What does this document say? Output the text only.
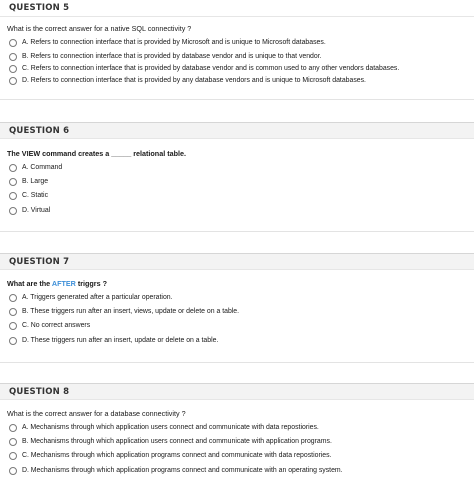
QUESTION 5
What is the correct answer for a native SQL connectivity ?
A. Refers to connection interface that is provided by Microsoft and is unique to Microsoft databases.
B. Refers to connection interface that is provided by database vendor and is unique to that vendor.
C. Refers to connection interface that is provided by database vendor and is common used to any other vendors databases.
D. Refers to connection interface that is provided by any database vendors and is unique to Microsoft databases.
QUESTION 6
The VIEW command creates a _____ relational table.
A. Command
B. Large
C. Static
D. Virtual
QUESTION 7
What are the AFTER triggrs ?
A. Triggers generated after a particular operation.
B. These triggers run after an insert, views, update or delete on a table.
C. No correct answers
D. These triggers run after an insert, update or delete on a table.
QUESTION 8
What is the correct answer for a database connectivity ?
A. Mechanisms through which application users connect and communicate with data repostiories.
B. Mechanisms through which application users connect and communicate with application programs.
C. Mechanisms through which application programs connect and communicate with data repostiories.
D. Mechanisms through which application programs connect and communicate with an operating system.
